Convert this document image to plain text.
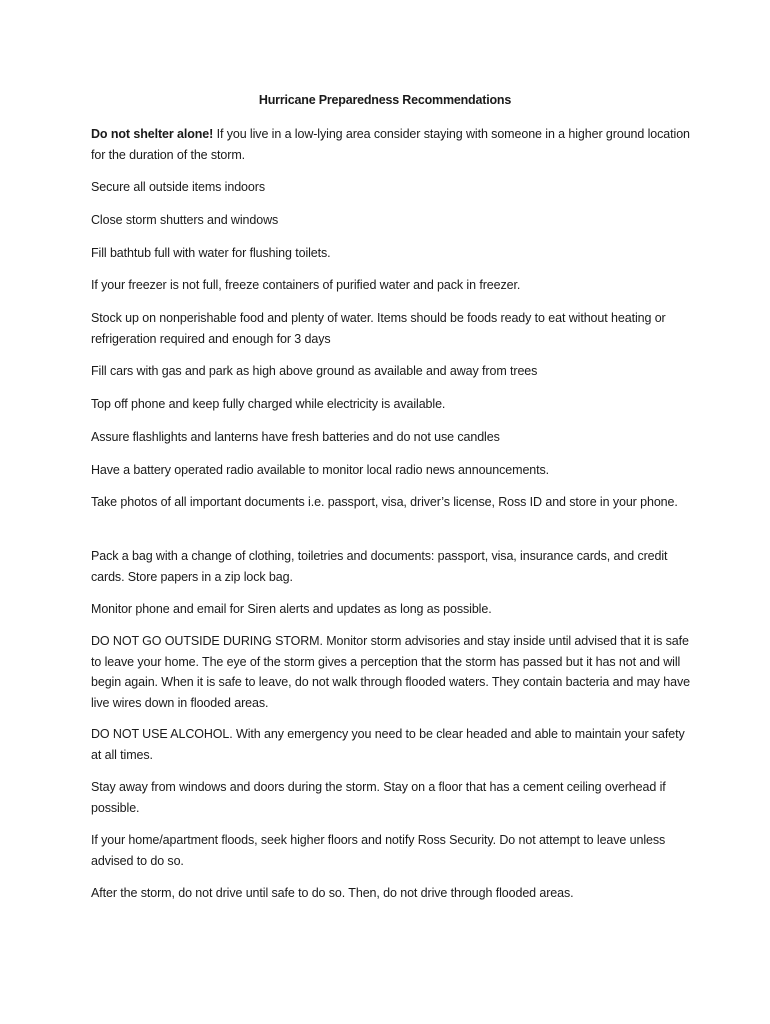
Hurricane Preparedness Recommendations

Do not shelter alone! If you live in a low-lying area consider staying with someone in a higher ground location for the duration of the storm.

Secure all outside items indoors

Close storm shutters and windows

Fill bathtub full with water for flushing toilets.

If your freezer is not full, freeze containers of purified water and pack in freezer.

Stock up on nonperishable food and plenty of water. Items should be foods ready to eat without heating or refrigeration required and enough for 3 days

Fill cars with gas and park as high above ground as available and away from trees

Top off phone and keep fully charged while electricity is available.

Assure flashlights and lanterns have fresh batteries and do not use candles

Have a battery operated radio available to monitor local radio news announcements.

Take photos of all important documents i.e. passport, visa, driver’s license, Ross ID and store in your phone.

Pack a bag with a change of clothing, toiletries and documents: passport, visa, insurance cards, and credit cards. Store papers in a zip lock bag.

Monitor phone and email for Siren alerts and updates as long as possible.

DO NOT GO OUTSIDE DURING STORM. Monitor storm advisories and stay inside until advised that it is safe to leave your home. The eye of the storm gives a perception that the storm has passed but it has not and will begin again. When it is safe to leave, do not walk through flooded waters. They contain bacteria and may have live wires down in flooded areas.

DO NOT USE ALCOHOL. With any emergency you need to be clear headed and able to maintain your safety at all times.

Stay away from windows and doors during the storm. Stay on a floor that has a cement ceiling overhead if possible.

If your home/apartment floods, seek higher floors and notify Ross Security. Do not attempt to leave unless advised to do so.

After the storm, do not drive until safe to do so. Then, do not drive through flooded areas.
